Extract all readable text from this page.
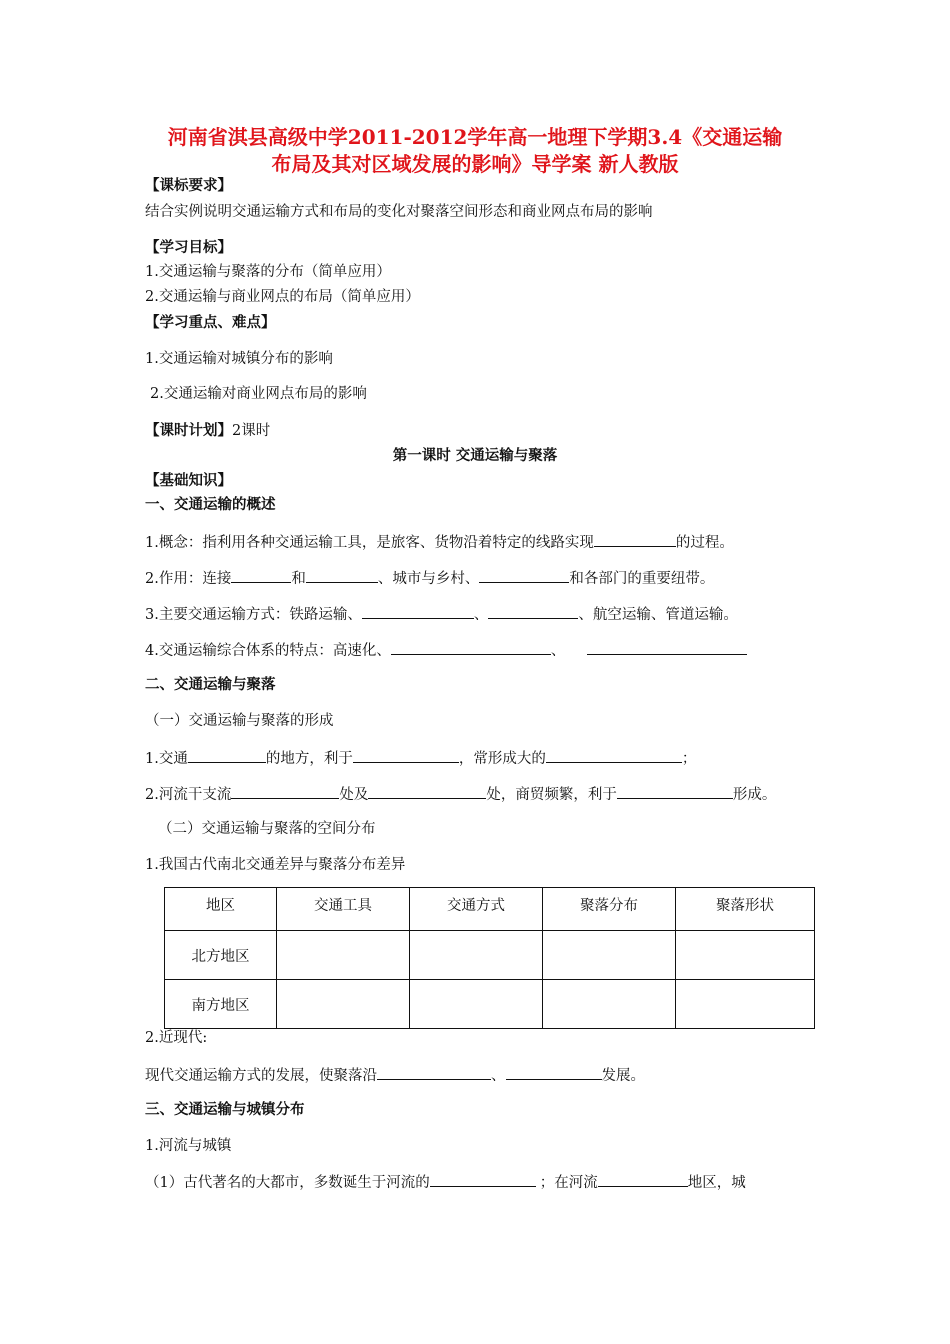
河南省淇县高级中学2011-2012学年高一地理下学期3.4《交通运输
布局及其对区域发展的影响》导学案 新人教版
【课标要求】
结合实例说明交通运输方式和布局的变化对聚落空间形态和商业网点布局的影响
【学习目标】
1.交通运输与聚落的分布（简单应用）
2.交通运输与商业网点的布局（简单应用）
【学习重点、难点】
1.交通运输对城镇分布的影响
2.交通运输对商业网点布局的影响
【课时计划】2课时
第一课时 交通运输与聚落
【基础知识】
一、交通运输的概述
1.概念：指利用各种交通运输工具，是旅客、货物沿着特定的线路实现	的过程。
2.作用：连接	和	、城市与乡村、	和各部门的重要纽带。
3.主要交通运输方式：铁路运输、	、	、航空运输、管道运输。
4.交通运输综合体系的特点：高速化、	、
二、交通运输与聚落
（一）交通运输与聚落的形成
1.交通	的地方，利于	，常形成大的	；
2.河流干支流	处及	处，商贸频繁，利于	形成。
（二）交通运输与聚落的空间分布
1.我国古代南北交通差异与聚落分布差异
地区	交通工具	交通方式	聚落分布	聚落形状
北方地区				
南方地区				
2.近现代:
现代交通运输方式的发展，使聚落沿	、	发展。
三、交通运输与城镇分布
1.河流与城镇
（1）古代著名的大都市，多数诞生于河流的	；在河流	地区，城
